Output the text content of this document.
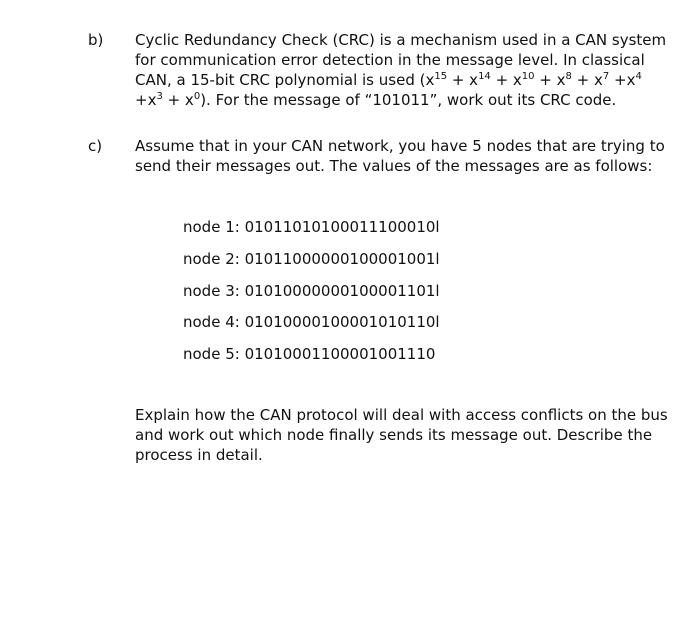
b) Cyclic Redundancy Check (CRC) is a mechanism used in a CAN system
for communication error detection in the message level. In classical
CAN, a 15-bit CRC polynomial is used ($x^{15} + x^{14} + x^{10} + x^8 + x^7 +x^4$
$+x^3 + x^0$). For the message of “101011”, work out its CRC code.
c) Assume that in your CAN network, you have 5 nodes that are trying to
send their messages out. The values of the messages are as follows:
node 1: 01011010100011100010l
node 2: 01011000000100001001l
node 3: 01010000000100001101l
node 4: 01010000100001010110l
node 5: 01010001100001001110
Explain how the CAN protocol will deal with access conflicts on the bus
and work out which node finally sends its message out. Describe the
process in detail.
